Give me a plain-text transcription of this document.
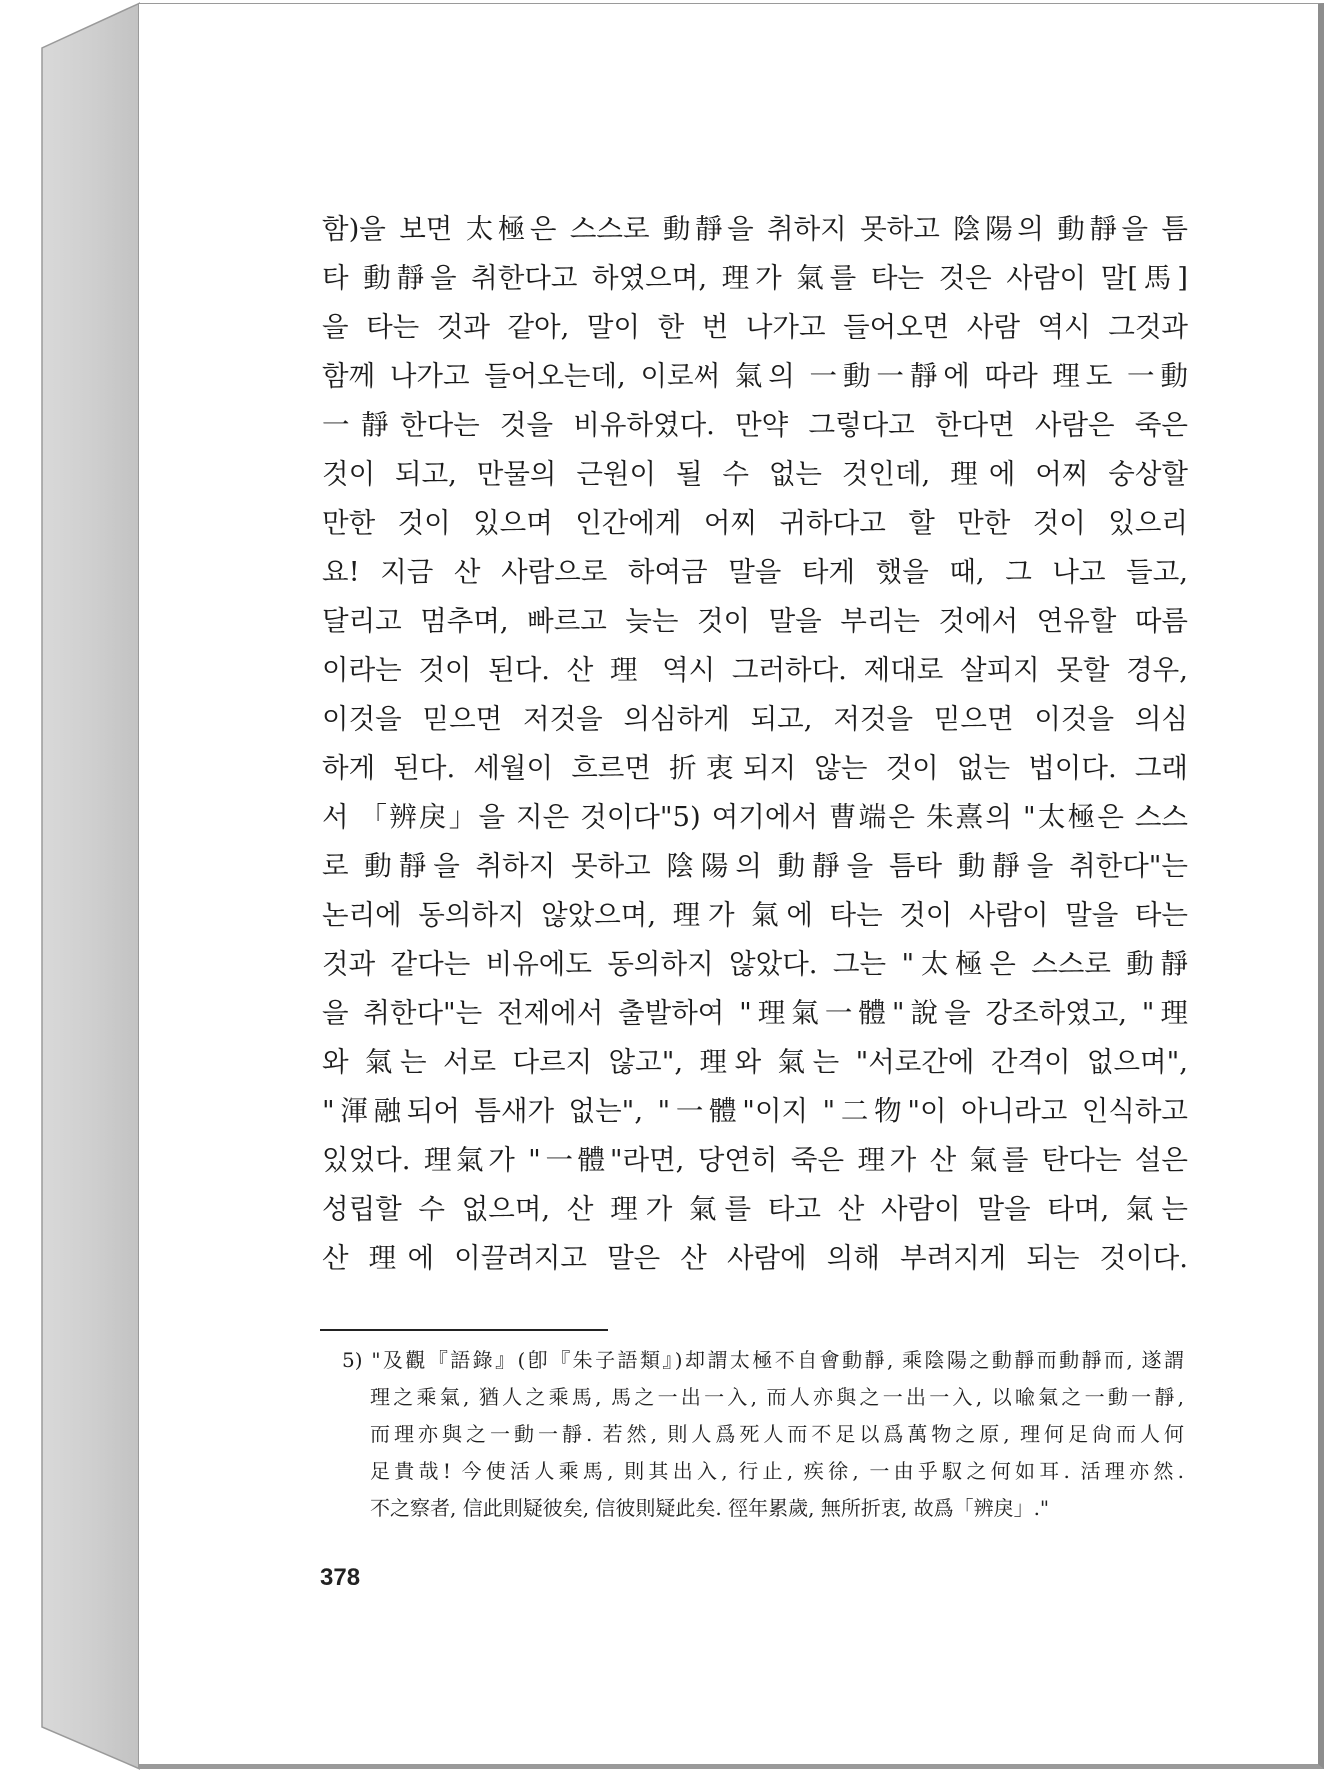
함)을 보면 太極은 스스로 動靜을 취하지 못하고 陰陽의 動靜을 틈
타 動靜을 취한다고 하였으며, 理가 氣를 타는 것은 사람이 말[馬]
을 타는 것과 같아, 말이 한 번 나가고 들어오면 사람 역시 그것과
함께 나가고 들어오는데, 이로써 氣의 一動一靜에 따라 理도 一動
一靜한다는 것을 비유하였다. 만약 그렇다고 한다면 사람은 죽은
것이 되고, 만물의 근원이 될 수 없는 것인데, 理에 어찌 숭상할
만한 것이 있으며 인간에게 어찌 귀하다고 할 만한 것이 있으리
요! 지금 산 사람으로 하여금 말을 타게 했을 때, 그 나고 들고,
달리고 멈추며, 빠르고 늦는 것이 말을 부리는 것에서 연유할 따름
이라는 것이 된다. 산 理 역시 그러하다. 제대로 살피지 못할 경우,
이것을 믿으면 저것을 의심하게 되고, 저것을 믿으면 이것을 의심
하게 된다. 세월이 흐르면 折衷되지 않는 것이 없는 법이다. 그래
서 「辨戾」을 지은 것이다"5) 여기에서 曹端은 朱熹의 "太極은 스스
로 動靜을 취하지 못하고 陰陽의 動靜을 틈타 動靜을 취한다"는
논리에 동의하지 않았으며, 理가 氣에 타는 것이 사람이 말을 타는
것과 같다는 비유에도 동의하지 않았다. 그는 "太極은 스스로 動靜
을 취한다"는 전제에서 출발하여 "理氣一體"說을 강조하였고, "理
와 氣는 서로 다르지 않고", 理와 氣는 "서로간에 간격이 없으며",
"渾融되어 틈새가 없는", "一體"이지 "二物"이 아니라고 인식하고
있었다. 理氣가 "一體"라면, 당연히 죽은 理가 산 氣를 탄다는 설은
성립할 수 없으며, 산 理가 氣를 타고 산 사람이 말을 타며, 氣는
산 理에 이끌려지고 말은 산 사람에 의해 부려지게 되는 것이다.
5) "及觀『語錄』(卽『朱子語類』)却謂太極不自會動靜, 乘陰陽之動靜而動靜而, 遂謂
理之乘氣, 猶人之乘馬, 馬之一出一入, 而人亦與之一出一入, 以喩氣之一動一靜,
而理亦與之一動一靜. 若然, 則人爲死人而不足以爲萬物之原, 理何足尙而人何
足貴哉! 今使活人乘馬, 則其出入, 行止, 疾徐, 一由乎馭之何如耳. 活理亦然.
不之察者, 信此則疑彼矣, 信彼則疑此矣. 徑年累歲, 無所折衷, 故爲「辨戾」."
378
